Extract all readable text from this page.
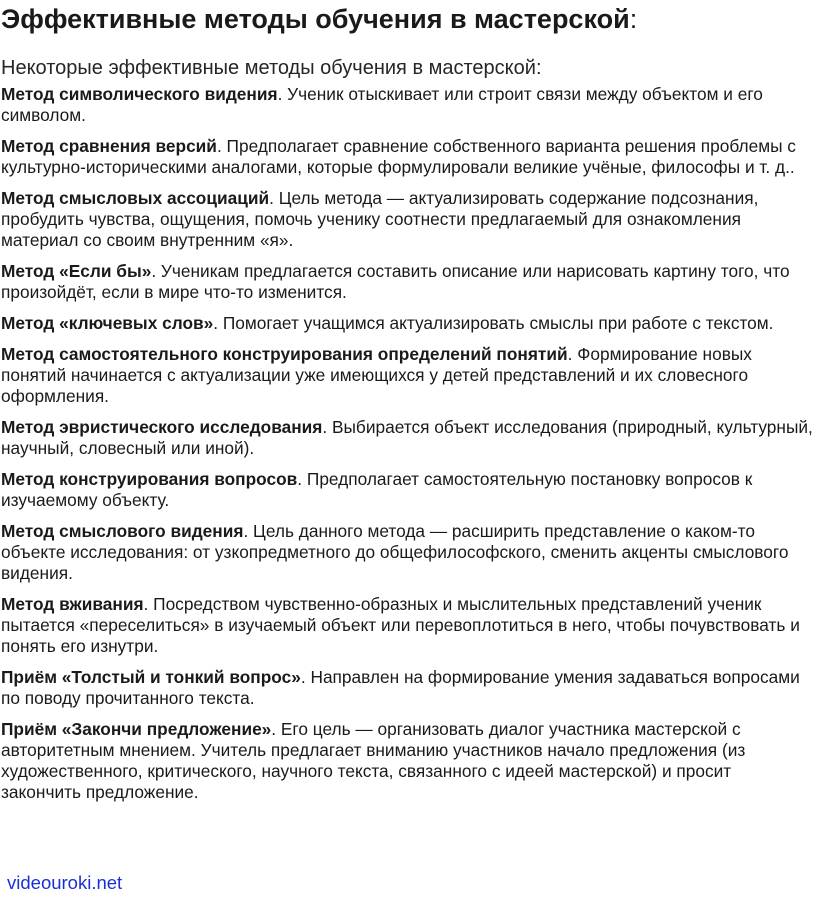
Эффективные методы обучения в мастерской:

Некоторые эффективные методы обучения в мастерской:

Метод символического видения. Ученик отыскивает или строит связи между объектом и его символом.
Метод сравнения версий. Предполагает сравнение собственного варианта решения проблемы с культурно-историческими аналогами, которые формулировали великие учёные, философы и т. д..
Метод смысловых ассоциаций. Цель метода — актуализировать содержание подсознания, пробудить чувства, ощущения, помочь ученику соотнести предлагаемый для ознакомления материал со своим внутренним «я».
Метод «Если бы». Ученикам предлагается составить описание или нарисовать картину того, что произойдёт, если в мире что-то изменится.
Метод «ключевых слов». Помогает учащимся актуализировать смыслы при работе с текстом.
Метод самостоятельного конструирования определений понятий. Формирование новых понятий начинается с актуализации уже имеющихся у детей представлений и их словесного оформления.
Метод эвристического исследования. Выбирается объект исследования (природный, культурный, научный, словесный или иной).
Метод конструирования вопросов. Предполагает самостоятельную постановку вопросов к изучаемому объекту.
Метод смыслового видения. Цель данного метода — расширить представление о каком-то объекте исследования: от узкопредметного до общефилософского, сменить акценты смыслового видения.
Метод вживания. Посредством чувственно-образных и мыслительных представлений ученик пытается «переселиться» в изучаемый объект или перевоплотиться в него, чтобы почувствовать и понять его изнутри.
Приём «Толстый и тонкий вопрос». Направлен на формирование умения задаваться вопросами по поводу прочитанного текста.
Приём «Закончи предложение». Его цель — организовать диалог участника мастерской с авторитетным мнением. Учитель предлагает вниманию участников начало предложения (из художественного, критического, научного текста, связанного с идеей мастерской) и просит закончить предложение.
videouroki.net
